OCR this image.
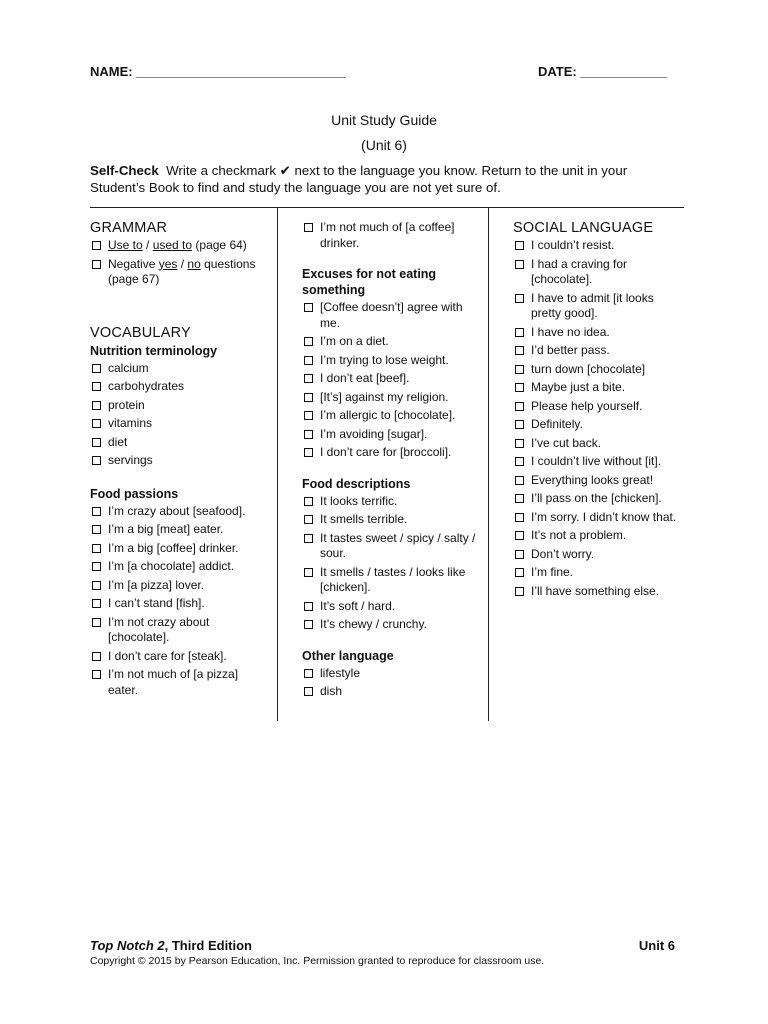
NAME: _____________________________	DATE: ____________
Unit Study Guide
(Unit 6)
Self-Check Write a checkmark ✔ next to the language you know. Return to the unit in your Student’s Book to find and study the language you are not yet sure of.
GRAMMAR
Use to / used to (page 64)
Negative yes / no questions (page 67)
VOCABULARY
Nutrition terminology
calcium
carbohydrates
protein
vitamins
diet
servings
Food passions
I’m crazy about [seafood].
I’m a big [meat] eater.
I’m a big [coffee] drinker.
I’m [a chocolate] addict.
I’m [a pizza] lover.
I can’t stand [fish].
I’m not crazy about [chocolate].
I don’t care for [steak].
I’m not much of [a pizza] eater.
I’m not much of [a coffee] drinker.
Excuses for not eating something
[Coffee doesn’t] agree with me.
I’m on a diet.
I’m trying to lose weight.
I don’t eat [beef].
[It’s] against my religion.
I’m allergic to [chocolate].
I’m avoiding [sugar].
I don’t care for [broccoli].
Food descriptions
It looks terrific.
It smells terrible.
It tastes sweet / spicy / salty / sour.
It smells / tastes / looks like [chicken].
It’s soft / hard.
It’s chewy / crunchy.
Other language
lifestyle
dish
SOCIAL LANGUAGE
I couldn’t resist.
I had a craving for [chocolate].
I have to admit [it looks pretty good].
I have no idea.
I’d better pass.
turn down [chocolate]
Maybe just a bite.
Please help yourself.
Definitely.
I’ve cut back.
I couldn’t live without [it].
Everything looks great!
I’ll pass on the [chicken].
I’m sorry. I didn’t know that.
It’s not a problem.
Don’t worry.
I’m fine.
I’ll have something else.
Top Notch 2, Third Edition	Unit 6
Copyright © 2015 by Pearson Education, Inc. Permission granted to reproduce for classroom use.
